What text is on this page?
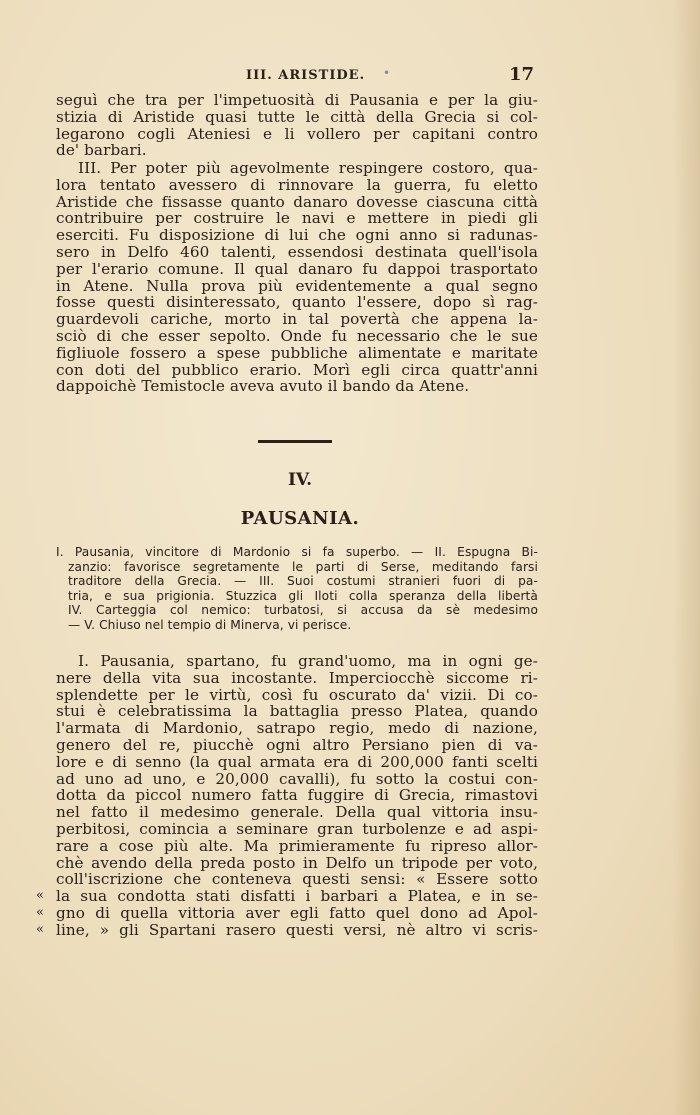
III. ARISTIDE. •	17
seguì che tra per l'impetuosità di Pausania e per la giu-
stizia di Aristide quasi tutte le città della Grecia si col-
legarono cogli Ateniesi e li vollero per capitani contro
de' barbari.
III. Per poter più agevolmente respingere costoro, qua-
lora tentato avessero di rinnovare la guerra, fu eletto
Aristide che fissasse quanto danaro dovesse ciascuna città
contribuire per costruire le navi e mettere in piedi gli
eserciti. Fu disposizione di lui che ogni anno si radunas-
sero in Delfo 460 talenti, essendosi destinata quell'isola
per l'erario comune. Il qual danaro fu dappoi trasportato
in Atene. Nulla prova più evidentemente a qual segno
fosse questi disinteressato, quanto l'essere, dopo sì rag-
guardevoli cariche, morto in tal povertà che appena la-
sciò di che esser sepolto. Onde fu necessario che le sue
figliuole fossero a spese pubbliche alimentate e maritate
con doti del pubblico erario. Morì egli circa quattr'anni
dappoichè Temistocle aveva avuto il bando da Atene.
IV.
PAUSANIA.
I. Pausania, vincitore di Mardonio si fa superbo. — II. Espugna Bi-
zanzio: favorisce segretamente le parti di Serse, meditando farsi
traditore della Grecia. — III. Suoi costumi stranieri fuori di pa-
tria, e sua prigionia. Stuzzica gli Iloti colla speranza della libertà
IV. Carteggia col nemico: turbatosi, si accusa da sè medesimo
— V. Chiuso nel tempio di Minerva, vi perisce.
I. Pausania, spartano, fu grand'uomo, ma in ogni ge-
nere della vita sua incostante. Imperciocchè siccome ri-
splendette per le virtù, così fu oscurato da' vizii. Di co-
stui è celebratissima la battaglia presso Platea, quando
l'armata di Mardonio, satrapo regio, medo di nazione,
genero del re, piucchè ogni altro Persiano pien di va-
lore e di senno (la qual armata era di 200,000 fanti scelti
ad uno ad uno, e 20,000 cavalli), fu sotto la costui con-
dotta da piccol numero fatta fuggire di Grecia, rimastovi
nel fatto il medesimo generale. Della qual vittoria insu-
perbitosi, comincia a seminare gran turbolenze e ad aspi-
rare a cose più alte. Ma primieramente fu ripreso allor-
chè avendo della preda posto in Delfo un tripode per voto,
coll'iscrizione che conteneva questi sensi: « Essere sotto
la sua condotta stati disfatti i barbari a Platea, e in se-
gno di quella vittoria aver egli fatto quel dono ad Apol-
line, » gli Spartani rasero questi versi, nè altro vi scris-
«
«
«
